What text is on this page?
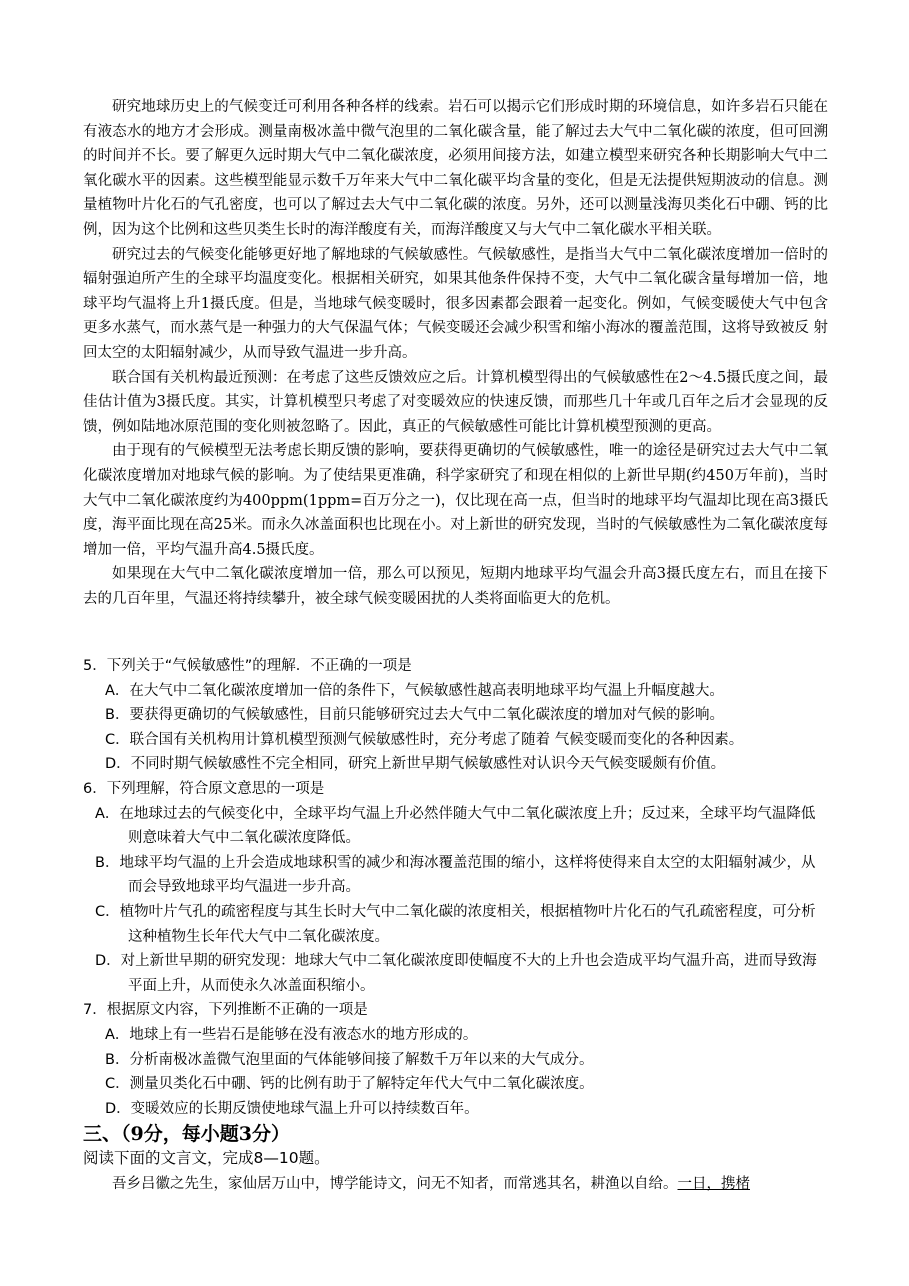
研究地球历史上的气候变迁可利用各种各样的线索。岩石可以揭示它们形成时期的环境信息，如许多岩石只能在有液态水的地方才会形成。测量南极冰盖中微气泡里的二氧化碳含量，能了解过去大气中二氧化碳的浓度，但可回溯的时间并不长。要了解更久远时期大气中二氧化碳浓度，必须用间接方法，如建立模型来研究各种长期影响大气中二氧化碳水平的因素。这些模型能显示数千万年来大气中二氧化碳平均含量的变化，但是无法提供短期波动的信息。测量植物叶片化石的气孔密度，也可以了解过去大气中二氧化碳的浓度。另外，还可以测量浅海贝类化石中硼、钙的比例，因为这个比例和这些贝类生长时的海洋酸度有关，而海洋酸度又与大气中二氧化碳水平相关联。

研究过去的气候变化能够更好地了解地球的气候敏感性。气候敏感性，是指当大气中二氧化碳浓度增加一倍时的辐射强迫所产生的全球平均温度变化。根据相关研究，如果其他条件保持不变，大气中二氧化碳含量每增加一倍，地球平均气温将上升1摄氏度。但是，当地球气候变暖时，很多因素都会跟着一起变化。例如，气候变暖使大气中包含更多水蒸气，而水蒸气是一种强力的大气保温气体；气候变暖还会减少积雪和缩小海冰的覆盖范围，这将导致被反 射回太空的太阳辐射减少，从而导致气温进一步升高。

联合国有关机构最近预测：在考虑了这些反馈效应之后。计算机模型得出的气候敏感性在2～4.5摄氏度之间，最佳估计值为3摄氏度。其实，计算机模型只考虑了对变暖效应的快速反馈，而那些几十年或几百年之后才会显现的反馈，例如陆地冰原范围的变化则被忽略了。因此，真正的气候敏感性可能比计算机模型预测的更高。

由于现有的气候模型无法考虑长期反馈的影响，要获得更确切的气候敏感性，唯一的途径是研究过去大气中二氧化碳浓度增加对地球气候的影响。为了使结果更准确，科学家研究了和现在相似的上新世早期(约450万年前)，当时大气中二氧化碳浓度约为400ppm(1ppm=百万分之一)，仅比现在高一点，但当时的地球平均气温却比现在高3摄氏度，海平面比现在高25米。而永久冰盖面积也比现在小。对上新世的研究发现，当时的气候敏感性为二氧化碳浓度每增加一倍，平均气温升高4.5摄氏度。

如果现在大气中二氧化碳浓度增加一倍，那么可以预见，短期内地球平均气温会升高3摄氏度左右，而且在接下去的几百年里，气温还将持续攀升，被全球气候变暖困扰的人类将面临更大的危机。

5．下列关于“气候敏感性”的理解．不正确的一项是

A．在大气中二氧化碳浓度增加一倍的条件下，气候敏感性越高表明地球平均气温上升幅度越大。

B．要获得更确切的气候敏感性，目前只能够研究过去大气中二氧化碳浓度的增加对气候的影响。

C．联合国有关机构用计算机模型预测气候敏感性时，充分考虑了随着 气候变暖而变化的各种因素。

D．不同时期气候敏感性不完全相同，研究上新世早期气候敏感性对认识今天气候变暖颇有价值。

6．下列理解，符合原文意思的一项是

A．在地球过去的气候变化中，全球平均气温上升必然伴随大气中二氧化碳浓度上升；反过来，全球平均气温降低则意味着大气中二氧化碳浓度降低。

B．地球平均气温的上升会造成地球积雪的减少和海冰覆盖范围的缩小，这样将使得来自太空的太阳辐射减少，从而会导致地球平均气温进一步升高。

C．植物叶片气孔的疏密程度与其生长时大气中二氧化碳的浓度相关，根据植物叶片化石的气孔疏密程度，可分析这种植物生长年代大气中二氧化碳浓度。

D．对上新世早期的研究发现：地球大气中二氧化碳浓度即使幅度不大的上升也会造成平均气温升高，进而导致海平面上升，从而使永久冰盖面积缩小。

7．根据原文内容，下列推断不正确的一项是

A．地球上有一些岩石是能够在没有液态水的地方形成的。

B．分析南极冰盖微气泡里面的气体能够间接了解数千万年以来的大气成分。

C．测量贝类化石中硼、钙的比例有助于了解特定年代大气中二氧化碳浓度。

D．变暖效应的长期反馈使地球气温上升可以持续数百年。

三、（9分，每小题3分）

阅读下面的文言文，完成8—10题。

吾乡吕徽之先生，家仙居万山中，博学能诗文，问无不知者，而常逃其名，耕渔以自给。一日，携楮
